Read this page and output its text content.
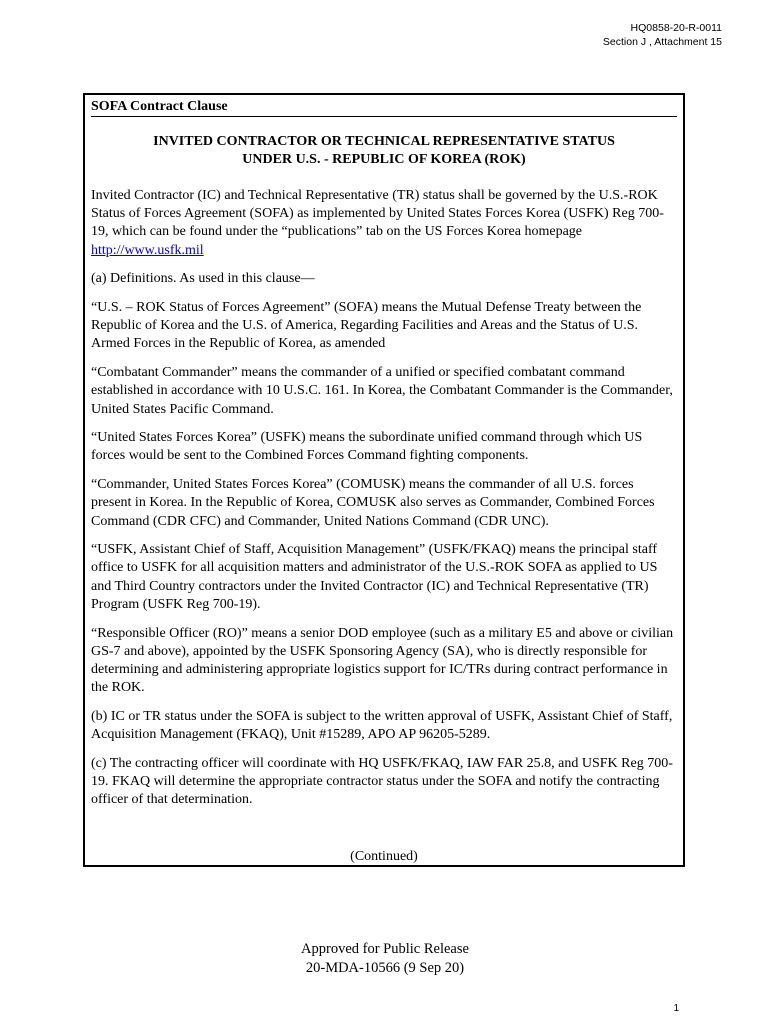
HQ0858-20-R-0011
Section J , Attachment 15
SOFA Contract Clause
INVITED CONTRACTOR OR TECHNICAL REPRESENTATIVE STATUS
UNDER U.S. - REPUBLIC OF KOREA (ROK)

Invited Contractor (IC) and Technical Representative (TR) status shall be governed by the U.S.-ROK Status of Forces Agreement (SOFA) as implemented by United States Forces Korea (USFK) Reg 700-19, which can be found under the “publications” tab on the US Forces Korea homepage http://www.usfk.mil

(a) Definitions. As used in this clause—

“U.S. – ROK Status of Forces Agreement” (SOFA) means the Mutual Defense Treaty between the Republic of Korea and the U.S. of America, Regarding Facilities and Areas and the Status of U.S. Armed Forces in the Republic of Korea, as amended

“Combatant Commander” means the commander of a unified or specified combatant command established in accordance with 10 U.S.C. 161. In Korea, the Combatant Commander is the Commander, United States Pacific Command.

“United States Forces Korea” (USFK) means the subordinate unified command through which US forces would be sent to the Combined Forces Command fighting components.

“Commander, United States Forces Korea” (COMUSK) means the commander of all U.S. forces present in Korea. In the Republic of Korea, COMUSK also serves as Commander, Combined Forces Command (CDR CFC) and Commander, United Nations Command (CDR UNC).

“USFK, Assistant Chief of Staff, Acquisition Management” (USFK/FKAQ) means the principal staff office to USFK for all acquisition matters and administrator of the U.S.-ROK SOFA as applied to US and Third Country contractors under the Invited Contractor (IC) and Technical Representative (TR) Program (USFK Reg 700-19).

“Responsible Officer (RO)” means a senior DOD employee (such as a military E5 and above or civilian GS-7 and above), appointed by the USFK Sponsoring Agency (SA), who is directly responsible for determining and administering appropriate logistics support for IC/TRs during contract performance in the ROK.

(b) IC or TR status under the SOFA is subject to the written approval of USFK, Assistant Chief of Staff, Acquisition Management (FKAQ), Unit #15289, APO AP 96205-5289.

(c) The contracting officer will coordinate with HQ USFK/FKAQ, IAW FAR 25.8, and USFK Reg 700-19. FKAQ will determine the appropriate contractor status under the SOFA and notify the contracting officer of that determination.

(Continued)
Approved for Public Release
20-MDA-10566 (9 Sep 20)
1
